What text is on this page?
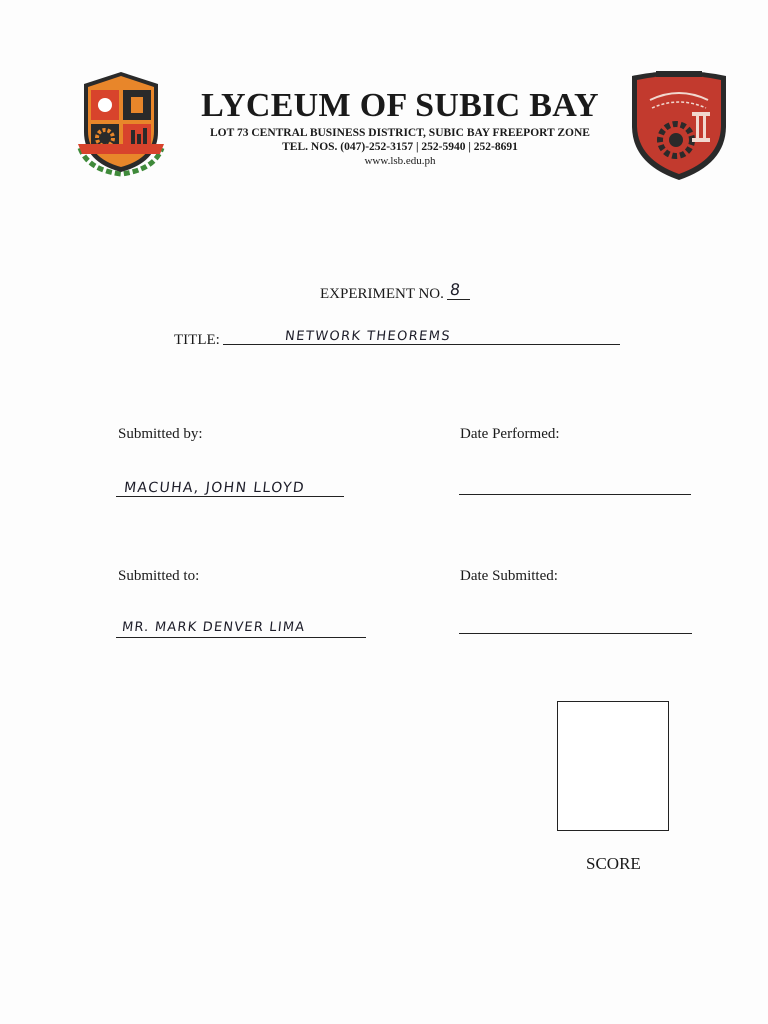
LYCEUM OF SUBIC BAY
LOT 73 CENTRAL BUSINESS DISTRICT, SUBIC BAY FREEPORT ZONE
TEL. NOS. (047)-252-3157 | 252-5940 | 252-8691
www.lsb.edu.ph
EXPERIMENT NO. 8
TITLE:	NETWORK THEOREMS
Submitted by:	Date Performed:
MACUHA, JOHN LLOYD
Submitted to:	Date Submitted:
MR. MARK DENVER LIMA
SCORE
